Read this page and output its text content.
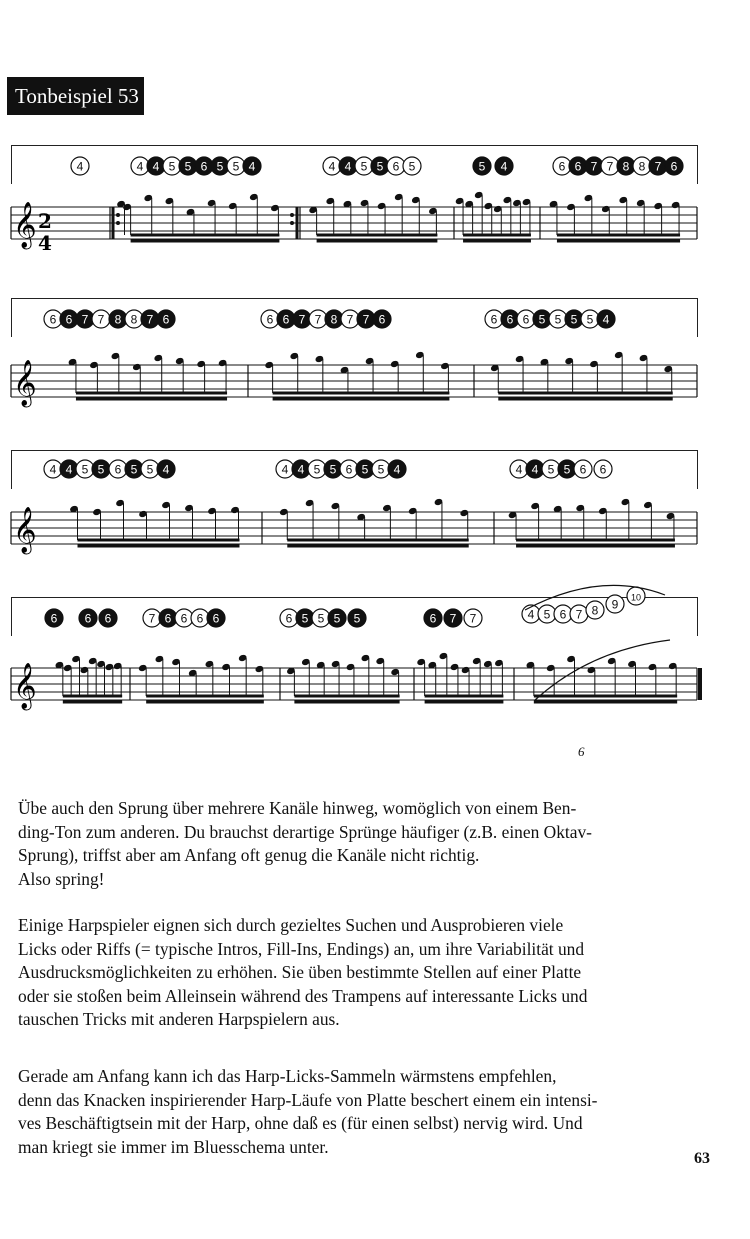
Tonbeispiel 53
4	4 4 5 5 6 5 5 4	4 4 5 5 6 5	5 4	6 6 7 7 8 8 7 6
6 6 7 7 8 8 7 6	6 6 7 7 8 7 7 6	6 6 6 5 5 5 5 4
4 4 5 5 6 5 5 4	4 4 5 5 6 5 5 4	4 4 5 5 6 6
6 6 6	7 6 6 6 6	6 5 5 5 5	6 7 7	4 5 6 7 8 9 10
𝄞
𝄞
𝄞
𝄞
2
4
6

Übe auch den Sprung über mehrere Kanäle hinweg, womöglich von einem Ben-
ding-Ton zum anderen. Du brauchst derartige Sprünge häufiger (z.B. einen Oktav-
Sprung), triffst aber am Anfang oft genug die Kanäle nicht richtig.
Also spring!

Einige Harpspieler eignen sich durch gezieltes Suchen und Ausprobieren viele
Licks oder Riffs (= typische Intros, Fill-Ins, Endings) an, um ihre Variabilität und
Ausdrucksmöglichkeiten zu erhöhen. Sie üben bestimmte Stellen auf einer Platte
oder sie stoßen beim Alleinsein während des Trampens auf interessante Licks und
tauschen Tricks mit anderen Harpspielern aus.

Gerade am Anfang kann ich das Harp-Licks-Sammeln wärmstens empfehlen,
denn das Knacken inspirierender Harp-Läufe von Platte beschert einem ein intensi-
ves Beschäftigtsein mit der Harp, ohne daß es (für einen selbst) nervig wird. Und
man kriegt sie immer im Bluesschema unter.

63
